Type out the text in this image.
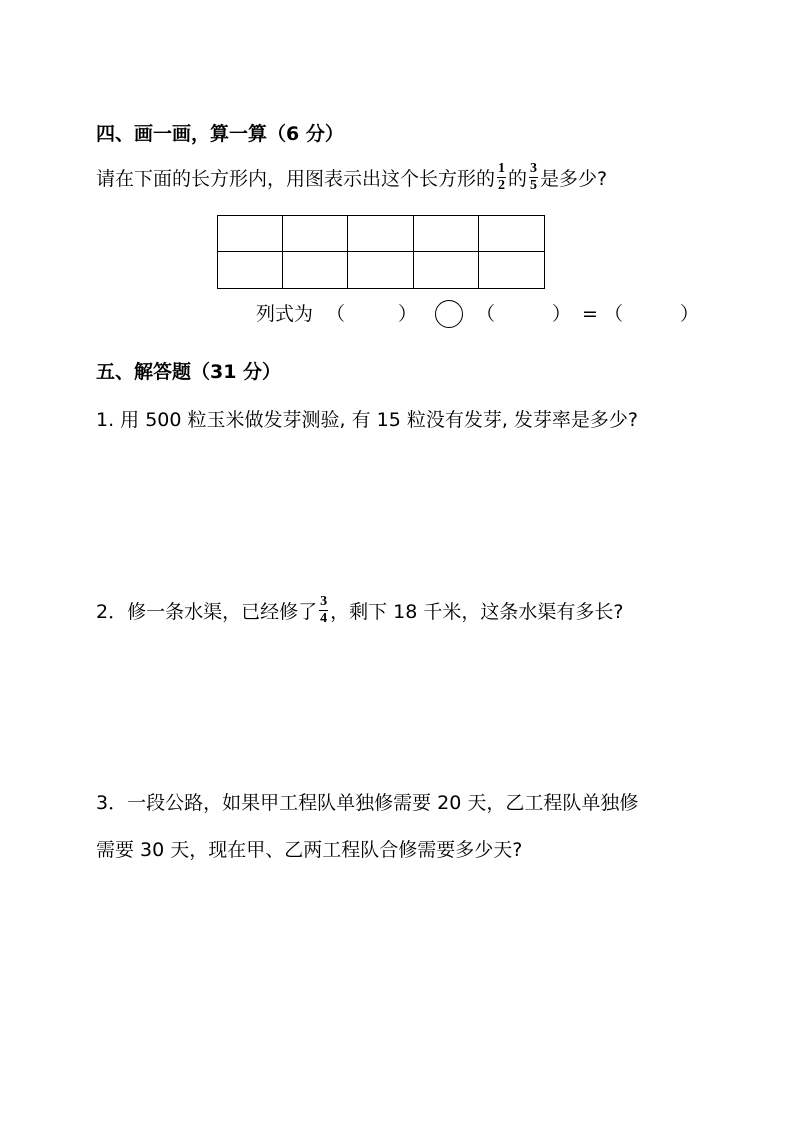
四、画一画，算一算（6 分）
请在下面的长方形内，用图表示出这个长方形的 $\frac{1}{2}$ 的 $\frac{3}{5}$ 是多少?
列式为 （	）	（	） = （	）
五、解答题（31 分）
1. 用 500 粒玉米做发芽测验, 有 15 粒没有发芽, 发芽率是多少?
2．修一条水渠，已经修了 $\frac{3}{4}$ ，剩下 18 千米，这条水渠有多长?
3．一段公路，如果甲工程队单独修需要 20 天，乙工程队单独修
需要 30 天，现在甲、乙两工程队合修需要多少天?
